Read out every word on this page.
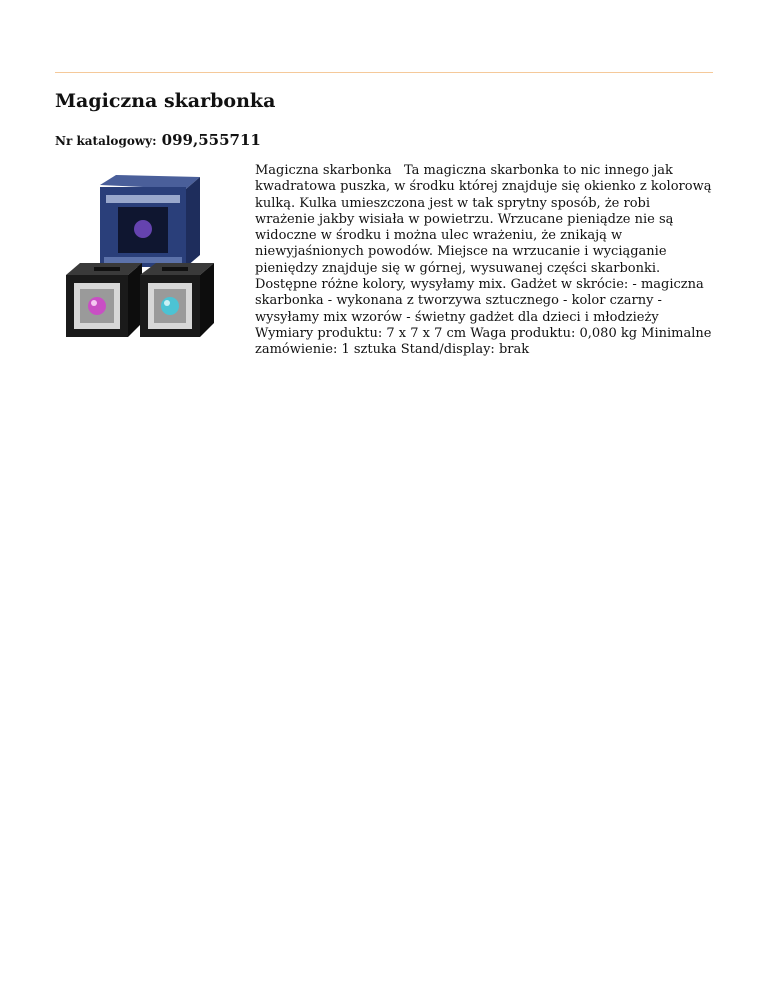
Magiczna skarbonka
Nr katalogowy: 099,555711

Magiczna skarbonka   Ta magiczna skarbonka to nic innego jak kwadratowa puszka, w środku której znajduje się okienko z kolorową kulką. Kulka umieszczona jest w tak sprytny sposób, że robi wrażenie jakby wisiała w powietrzu. Wrzucane pieniądze nie są widoczne w środku i można ulec wrażeniu, że znikają w niewyjaśnionych powodów. Miejsce na wrzucanie i wyciąganie pieniędzy znajduje się w górnej, wysuwanej części skarbonki. Dostępne różne kolory, wysyłamy mix. Gadżet w skrócie: - magiczna skarbonka - wykonana z tworzywa sztucznego - kolor czarny - wysyłamy mix wzorów - świetny gadżet dla dzieci i młodzieży   Wymiary produktu: 7 x 7 x 7 cm Waga produktu: 0,080 kg Minimalne zamówienie: 1 sztuka Stand/display: brak
